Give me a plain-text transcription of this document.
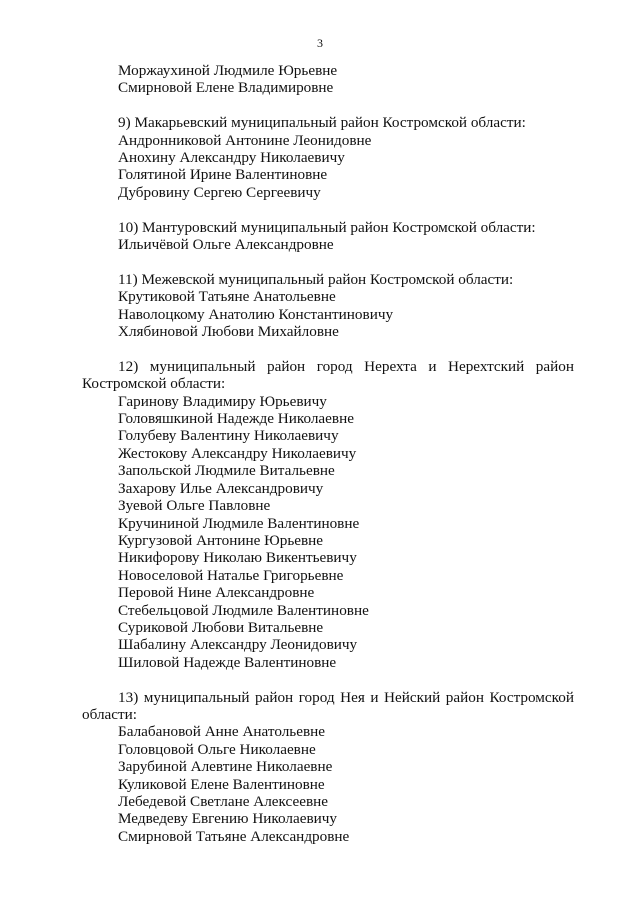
3
Моржаухиной Людмиле Юрьевне
Смирновой Елене Владимировне
9) Макарьевский муниципальный район Костромской области:
Андронниковой Антонине Леонидовне
Анохину Александру Николаевичу
Голятиной Ирине Валентиновне
Дубровину Сергею Сергеевичу
10) Мантуровский муниципальный район Костромской области:
Ильичёвой Ольге Александровне
11) Межевской муниципальный район Костромской области:
Крутиковой Татьяне Анатольевне
Наволоцкому Анатолию Константиновичу
Хлябиновой Любови Михайловне
12) муниципальный район город Нерехта и Нерехтский район Костромской области:
Гаринову Владимиру Юрьевичу
Головяшкиной Надежде Николаевне
Голубеву Валентину Николаевичу
Жестокову Александру Николаевичу
Запольской Людмиле Витальевне
Захарову Илье Александровичу
Зуевой Ольге Павловне
Кручининой Людмиле Валентиновне
Кургузовой Антонине Юрьевне
Никифорову Николаю Викентьевичу
Новоселовой Наталье Григорьевне
Перовой Нине Александровне
Стебельцовой Людмиле Валентиновне
Суриковой Любови Витальевне
Шабалину Александру Леонидовичу
Шиловой Надежде Валентиновне
13) муниципальный район город Нея и Нейский район Костромской области:
Балабановой Анне Анатольевне
Головцовой Ольге Николаевне
Зарубиной Алевтине Николаевне
Куликовой Елене Валентиновне
Лебедевой Светлане Алексеевне
Медведеву Евгению Николаевичу
Смирновой Татьяне Александровне
